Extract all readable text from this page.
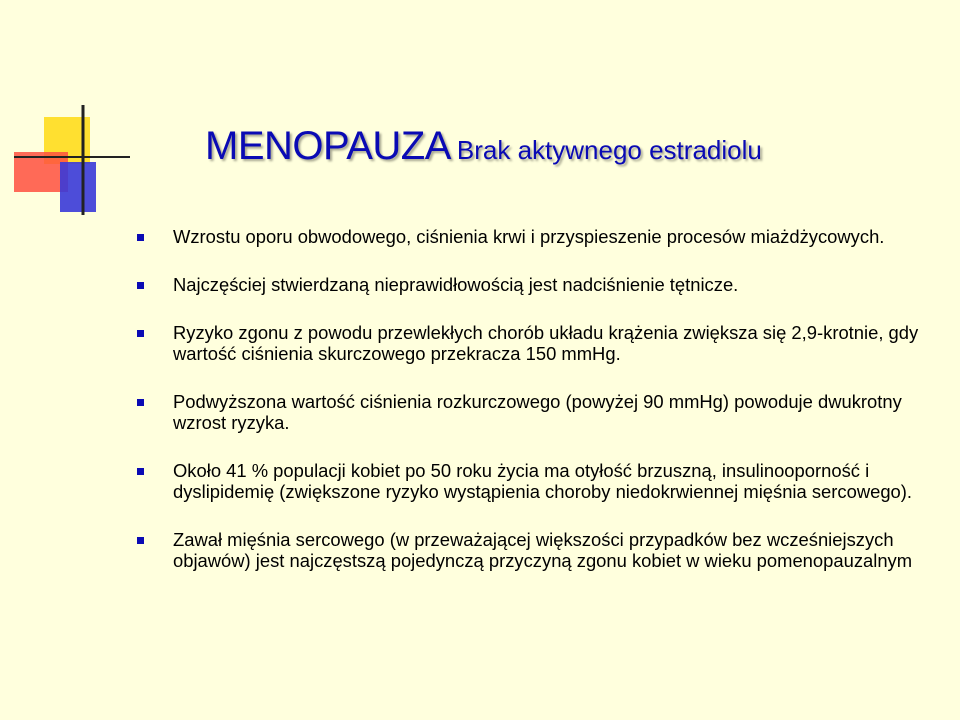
MENOPAUZA Brak aktywnego estradiolu
Wzrostu oporu obwodowego, ciśnienia krwi i przyspieszenie procesów miażdżycowych.
Najczęściej stwierdzaną nieprawidłowością jest nadciśnienie tętnicze.
Ryzyko zgonu z powodu przewlekłych chorób układu krążenia zwiększa się 2,9-krotnie, gdy wartość ciśnienia skurczowego przekracza 150 mmHg.
Podwyższona wartość ciśnienia rozkurczowego (powyżej 90 mmHg) powoduje dwukrotny wzrost ryzyka.
Około 41 % populacji kobiet po 50 roku życia ma otyłość brzuszną, insulinooporność i dyslipidemię (zwiększone ryzyko wystąpienia choroby niedokrwiennej mięśnia sercowego).
Zawał mięśnia sercowego (w przeważającej większości przypadków bez wcześniejszych objawów) jest najczęstszą pojedynczą przyczyną zgonu kobiet w wieku pomenopauzalnym
